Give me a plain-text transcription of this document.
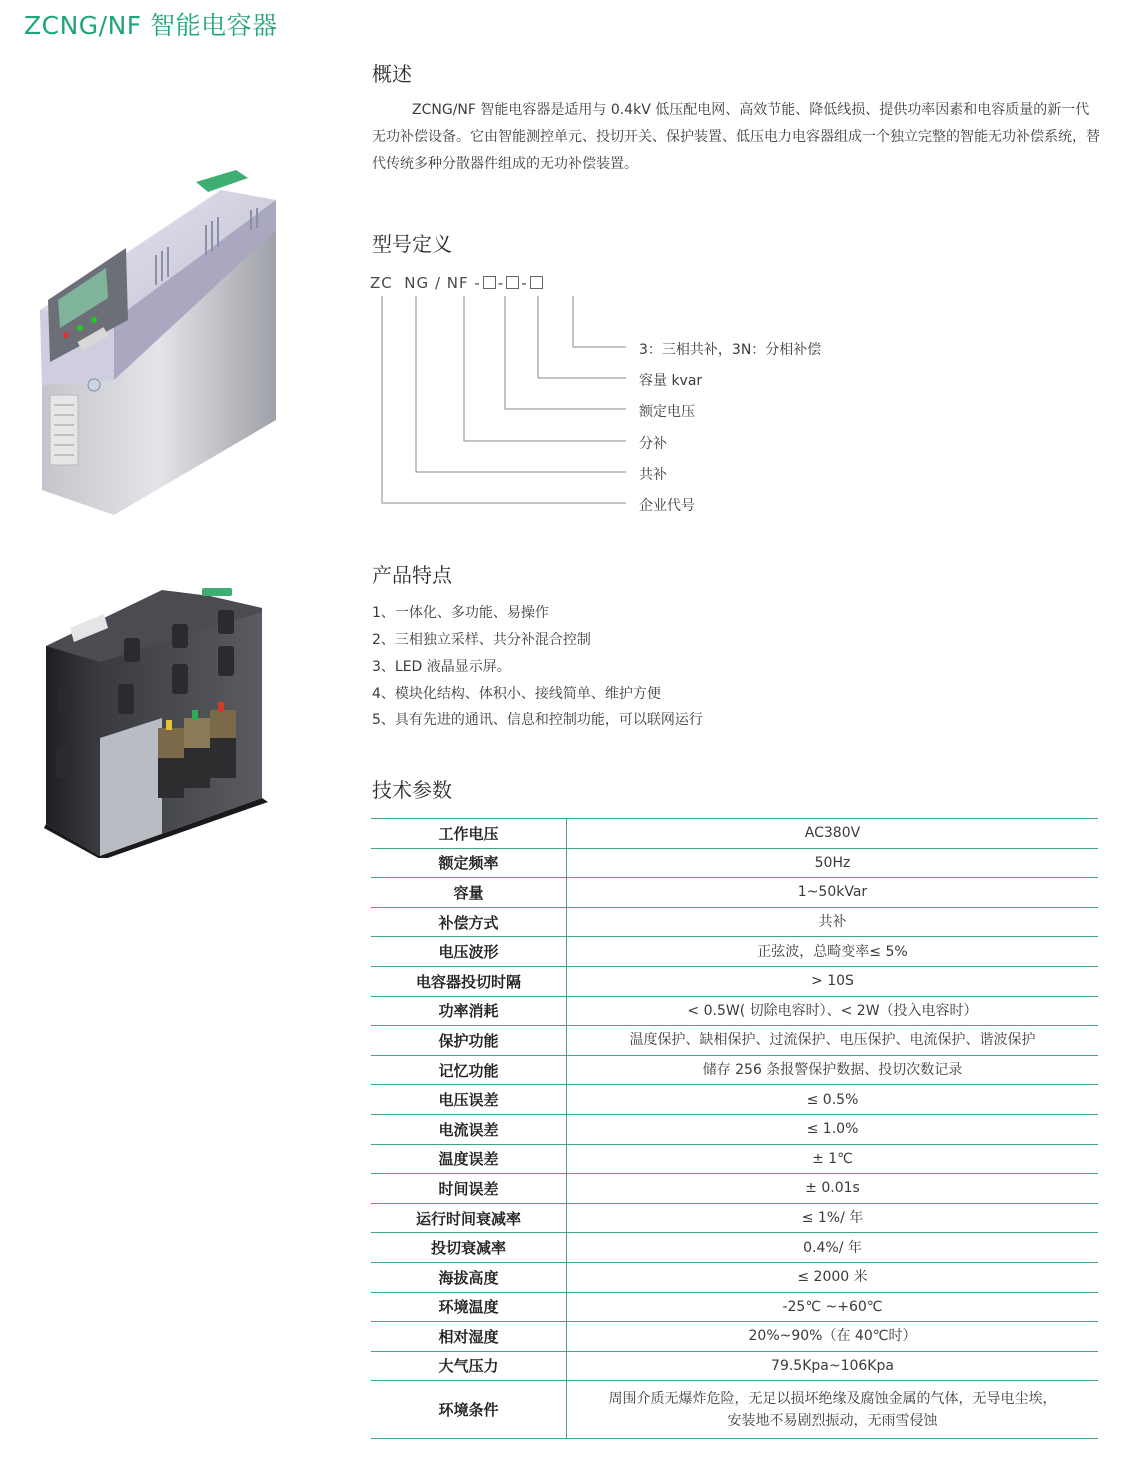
ZCNG/NF 智能电容器
概述
ZCNG/NF 智能电容器是适用与 0.4kV 低压配电网、高效节能、降低线损、提供功率因素和电容质量的新一代无功补偿设备。它由智能测控单元、投切开关、保护装置、低压电力电容器组成一个独立完整的智能无功补偿系统，替代传统多种分散器件组成的无功补偿装置。
型号定义
ZC NG / NF - - -
3：三相共补，3N：分相补偿
容量 kvar
额定电压
分补
共补
企业代号
产品特点
1、一体化、多功能、易操作
2、三相独立采样、共分补混合控制
3、LED 液晶显示屏。
4、模块化结构、体积小、接线简单、维护方便
5、具有先进的通讯、信息和控制功能，可以联网运行
技术参数
工作电压	AC380V
额定频率	50Hz
容量	1~50kVar
补偿方式	共补
电压波形	正弦波，总畸变率≤ 5%
电容器投切时隔	> 10S
功率消耗	< 0.5W( 切除电容时）、< 2W（投入电容时）
保护功能	温度保护、缺相保护、过流保护、电压保护、电流保护、谐波保护
记忆功能	储存 256 条报警保护数据、投切次数记录
电压误差	≤ 0.5%
电流误差	≤ 1.0%
温度误差	± 1℃
时间误差	± 0.01s
运行时间衰减率	≤ 1%/ 年
投切衰减率	0.4%/ 年
海拔高度	≤ 2000 米
环境温度	-25℃ ~+60℃
相对湿度	20%~90%（在 40℃时）
大气压力	79.5Kpa~106Kpa
环境条件	周围介质无爆炸危险，无足以损坏绝缘及腐蚀金属的气体，无导电尘埃，
安装地不易剧烈振动，无雨雪侵蚀
